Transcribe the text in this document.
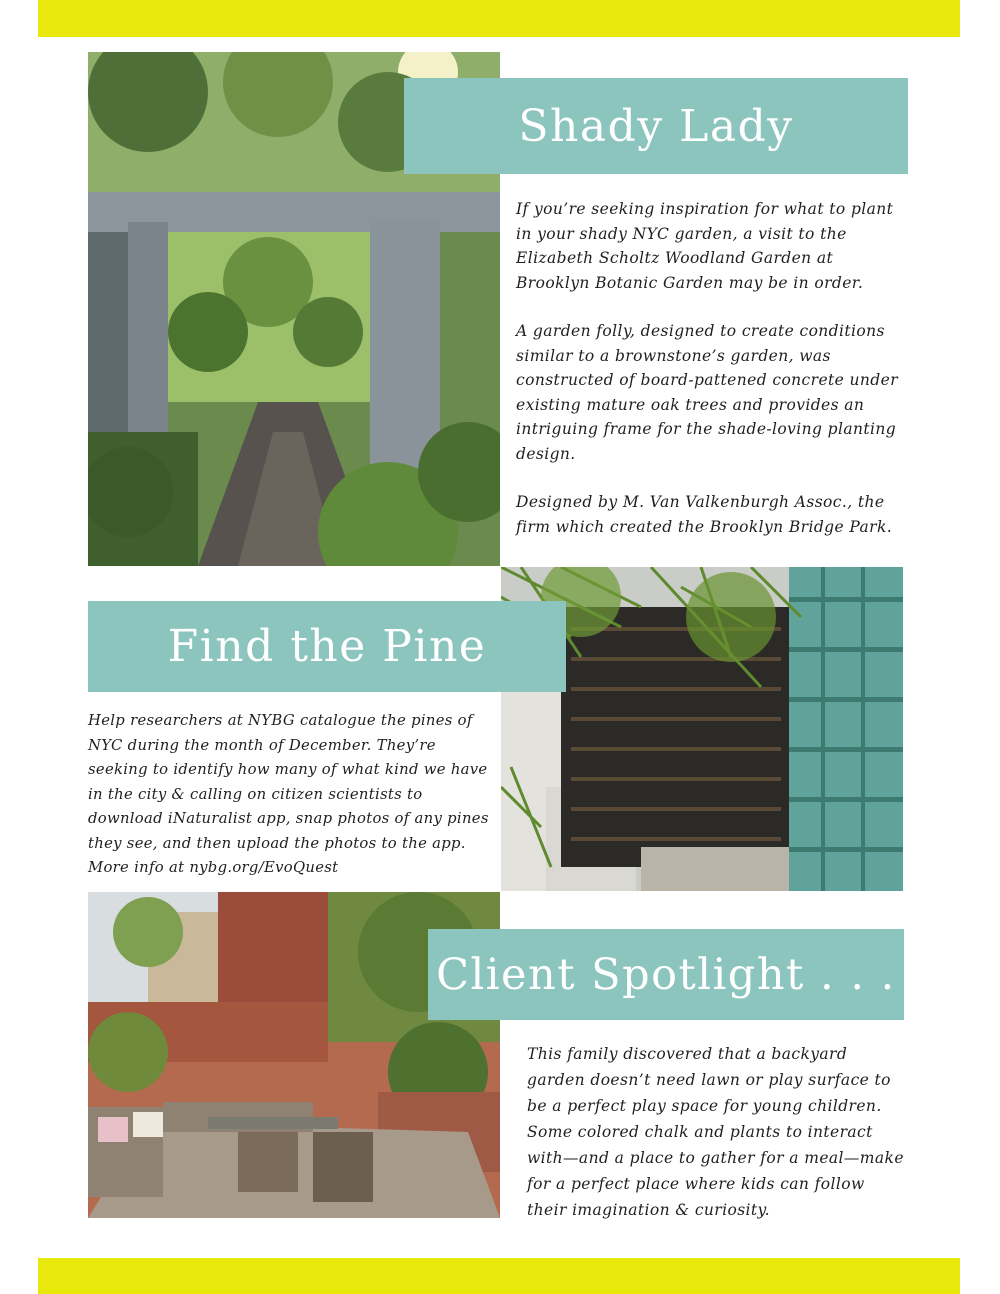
Shady Lady

If you’re seeking inspiration for what to plant in your shady NYC garden, a visit to the Elizabeth Scholtz Woodland Garden at Brooklyn Botanic Garden may be in order.

A garden folly, designed to create conditions similar to a brownstone’s garden, was constructed of board-pattened concrete under existing mature oak trees and provides an intriguing frame for the shade-loving planting design.

Designed by M. Van Valkenburgh Assoc., the firm which created the Brooklyn Bridge Park.

Find the Pine

Help researchers at NYBG catalogue the pines of NYC during the month of December. They’re seeking to identify how many of what kind we have in the city & calling on citizen scientists to download iNaturalist app, snap photos of any pines they see, and then upload the photos to the app. More info at nybg.org/EvoQuest

Client Spotlight . . .

This family discovered that a backyard garden doesn’t need lawn or play surface to be a perfect play space for young children. Some colored chalk and plants to interact with—and a place to gather for a meal—make for a perfect place where kids can follow their imagination & curiosity.
